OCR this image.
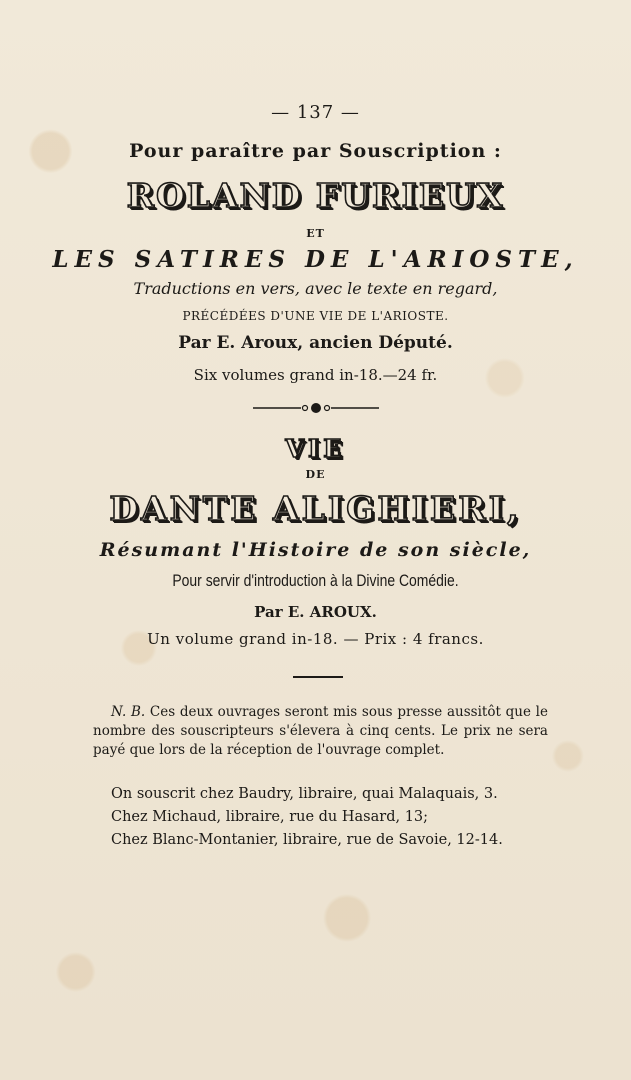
— 137 —
Pour paraître par Souscription :
ROLAND FURIEUX
ET
LES SATIRES DE L'ARIOSTE,
Traductions en vers, avec le texte en regard,
PRÉCÉDÉES D'UNE VIE DE L'ARIOSTE.
Par E. Aroux, ancien Député.
Six volumes grand in-18.—24 fr.
VIE
DE
DANTE ALIGHIERI,
Résumant l'Histoire de son siècle,
Pour servir d'introduction à la Divine Comédie.
Par E. AROUX.
Un volume grand in-18. — Prix : 4 francs.
N. B. Ces deux ouvrages seront mis sous presse aussitôt que le nombre des souscripteurs s'élevera à cinq cents. Le prix ne sera payé que lors de la réception de l'ouvrage complet.
On souscrit chez Baudry, libraire, quai Malaquais, 3.
Chez Michaud, libraire, rue du Hasard, 13;
Chez Blanc-Montanier, libraire, rue de Savoie, 12-14.
